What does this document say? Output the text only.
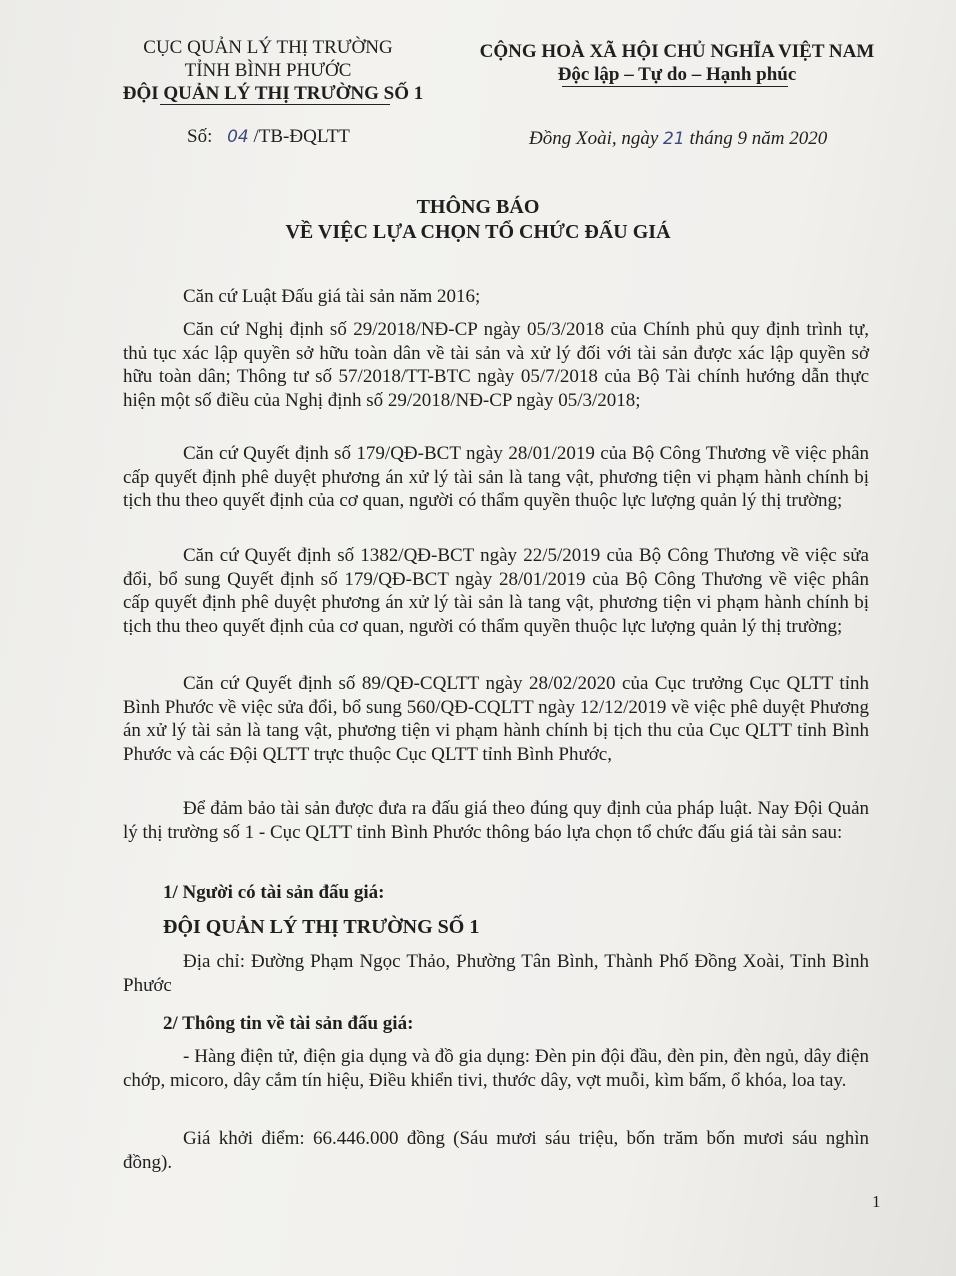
CỤC QUẢN LÝ THỊ TRƯỜNG
TỈNH BÌNH PHƯỚC
ĐỘI QUẢN LÝ THỊ TRƯỜNG SỐ 1
CỘNG HOÀ XÃ HỘI CHỦ NGHĨA VIỆT NAM
Độc lập – Tự do – Hạnh phúc
Số: 04 /TB-ĐQLTT	Đồng Xoài, ngày 21 tháng 9 năm 2020
THÔNG BÁO
VỀ VIỆC LỰA CHỌN TỔ CHỨC ĐẤU GIÁ
Căn cứ Luật Đấu giá tài sản năm 2016;
Căn cứ Nghị định số 29/2018/NĐ-CP ngày 05/3/2018 của Chính phủ quy định trình tự, thủ tục xác lập quyền sở hữu toàn dân về tài sản và xử lý đối với tài sản được xác lập quyền sở hữu toàn dân; Thông tư số 57/2018/TT-BTC ngày 05/7/2018 của Bộ Tài chính hướng dẫn thực hiện một số điều của Nghị định số 29/2018/NĐ-CP ngày 05/3/2018;
Căn cứ Quyết định số 179/QĐ-BCT ngày 28/01/2019 của Bộ Công Thương về việc phân cấp quyết định phê duyệt phương án xử lý tài sản là tang vật, phương tiện vi phạm hành chính bị tịch thu theo quyết định của cơ quan, người có thẩm quyền thuộc lực lượng quản lý thị trường;
Căn cứ Quyết định số 1382/QĐ-BCT ngày 22/5/2019 của Bộ Công Thương về việc sửa đổi, bổ sung Quyết định số 179/QĐ-BCT ngày 28/01/2019 của Bộ Công Thương về việc phân cấp quyết định phê duyệt phương án xử lý tài sản là tang vật, phương tiện vi phạm hành chính bị tịch thu theo quyết định của cơ quan, người có thẩm quyền thuộc lực lượng quản lý thị trường;
Căn cứ Quyết định số 89/QĐ-CQLTT ngày 28/02/2020 của Cục trưởng Cục QLTT tỉnh Bình Phước về việc sửa đổi, bổ sung 560/QĐ-CQLTT ngày 12/12/2019 về việc phê duyệt Phương án xử lý tài sản là tang vật, phương tiện vi phạm hành chính bị tịch thu của Cục QLTT tỉnh Bình Phước và các Đội QLTT trực thuộc Cục QLTT tỉnh Bình Phước,
Để đảm bảo tài sản được đưa ra đấu giá theo đúng quy định của pháp luật. Nay Đội Quản lý thị trường số 1 - Cục QLTT tỉnh Bình Phước thông báo lựa chọn tổ chức đấu giá tài sản sau:
1/ Người có tài sản đấu giá:
ĐỘI QUẢN LÝ THỊ TRƯỜNG SỐ 1
Địa chỉ: Đường Phạm Ngọc Thảo, Phường Tân Bình, Thành Phố Đồng Xoài, Tỉnh Bình Phước
2/ Thông tin về tài sản đấu giá:
- Hàng điện tử, điện gia dụng và đồ gia dụng: Đèn pin đội đầu, đèn pin, đèn ngủ, dây điện chớp, micoro, dây cắm tín hiệu, Điều khiển tivi, thước dây, vợt muỗi, kìm bấm, ổ khóa, loa tay.
Giá khởi điểm: 66.446.000 đồng (Sáu mươi sáu triệu, bốn trăm bốn mươi sáu nghìn đồng).
1
